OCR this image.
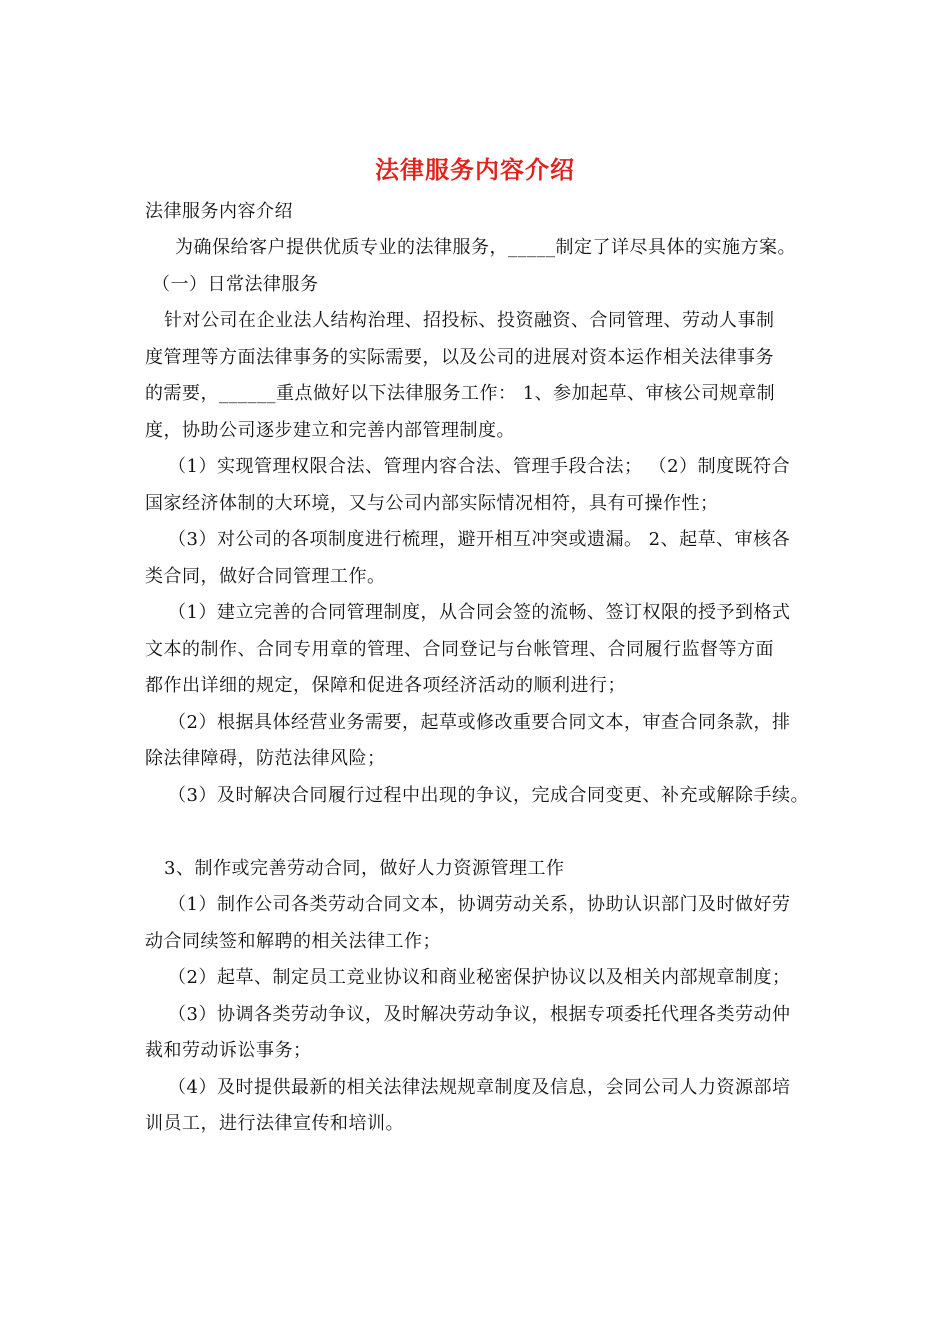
法律服务内容介绍
法律服务内容介绍
为确保给客户提供优质专业的法律服务，_____制定了详尽具体的实施方案。
（一）日常法律服务
针对公司在企业法人结构治理、招投标、投资融资、合同管理、劳动人事制
度管理等方面法律事务的实际需要，以及公司的进展对资本运作相关法律事务
的需要，______重点做好以下法律服务工作： 1、参加起草、审核公司规章制
度，协助公司逐步建立和完善内部管理制度。
（1）实现管理权限合法、管理内容合法、管理手段合法； （2）制度既符合
国家经济体制的大环境，又与公司内部实际情况相符，具有可操作性；
（3）对公司的各项制度进行梳理，避开相互冲突或遗漏。 2、起草、审核各
类合同，做好合同管理工作。
（1）建立完善的合同管理制度，从合同会签的流畅、签订权限的授予到格式
文本的制作、合同专用章的管理、合同登记与台帐管理、合同履行监督等方面
都作出详细的规定，保障和促进各项经济活动的顺利进行；
（2）根据具体经营业务需要，起草或修改重要合同文本，审查合同条款，排
除法律障碍，防范法律风险；
（3）及时解决合同履行过程中出现的争议，完成合同变更、补充或解除手续。
3、制作或完善劳动合同，做好人力资源管理工作
（1）制作公司各类劳动合同文本，协调劳动关系，协助认识部门及时做好劳
动合同续签和解聘的相关法律工作；
（2）起草、制定员工竞业协议和商业秘密保护协议以及相关内部规章制度；
（3）协调各类劳动争议，及时解决劳动争议，根据专项委托代理各类劳动仲
裁和劳动诉讼事务；
（4）及时提供最新的相关法律法规规章制度及信息，会同公司人力资源部培
训员工，进行法律宣传和培训。
